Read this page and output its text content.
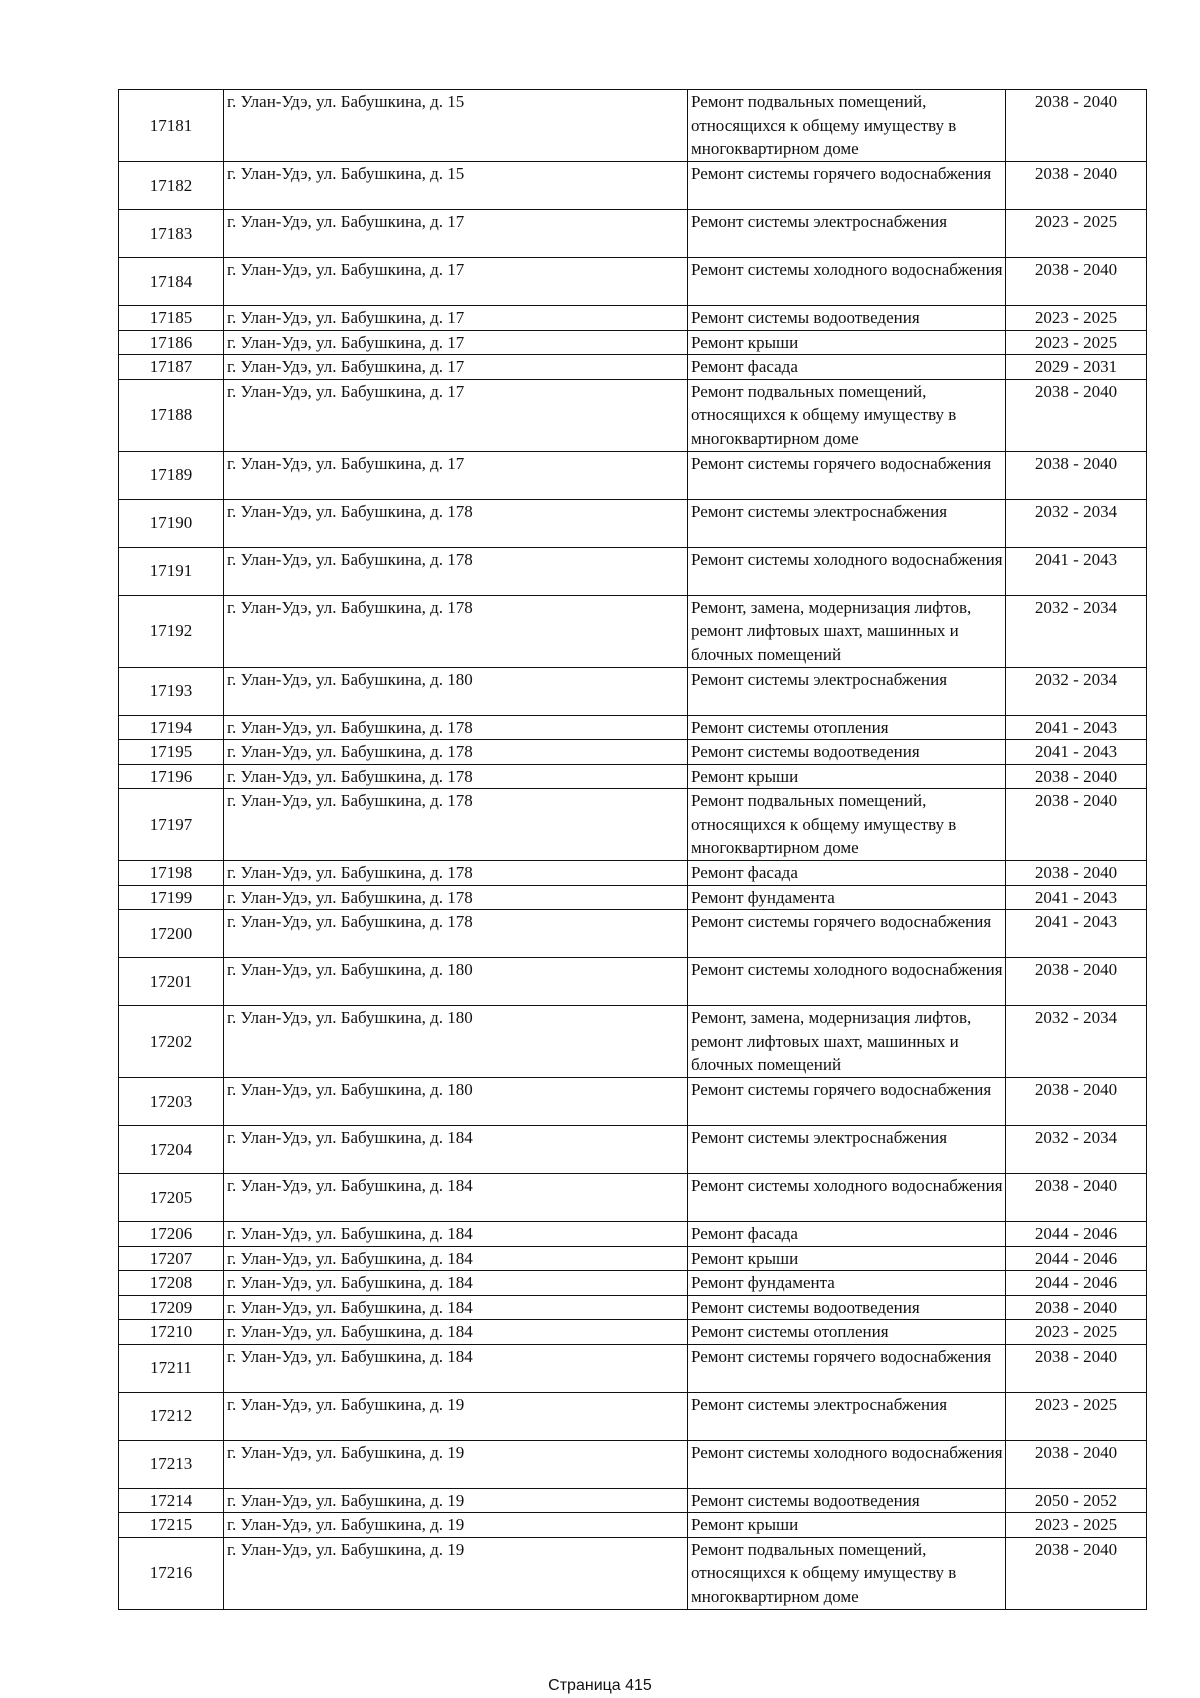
17181	г. Улан-Удэ, ул. Бабушкина, д. 15	Ремонт подвальных помещений, относящихся к общему имуществу в многоквартирном доме	2038 - 2040
17182	г. Улан-Удэ, ул. Бабушкина, д. 15	Ремонт системы горячего водоснабжения	2038 - 2040
17183	г. Улан-Удэ, ул. Бабушкина, д. 17	Ремонт системы электроснабжения	2023 - 2025
17184	г. Улан-Удэ, ул. Бабушкина, д. 17	Ремонт системы холодного водоснабжения	2038 - 2040
17185	г. Улан-Удэ, ул. Бабушкина, д. 17	Ремонт системы водоотведения	2023 - 2025
17186	г. Улан-Удэ, ул. Бабушкина, д. 17	Ремонт крыши	2023 - 2025
17187	г. Улан-Удэ, ул. Бабушкина, д. 17	Ремонт фасада	2029 - 2031
17188	г. Улан-Удэ, ул. Бабушкина, д. 17	Ремонт подвальных помещений, относящихся к общему имуществу в многоквартирном доме	2038 - 2040
17189	г. Улан-Удэ, ул. Бабушкина, д. 17	Ремонт системы горячего водоснабжения	2038 - 2040
17190	г. Улан-Удэ, ул. Бабушкина, д. 178	Ремонт системы электроснабжения	2032 - 2034
17191	г. Улан-Удэ, ул. Бабушкина, д. 178	Ремонт системы холодного водоснабжения	2041 - 2043
17192	г. Улан-Удэ, ул. Бабушкина, д. 178	Ремонт, замена, модернизация лифтов, ремонт лифтовых шахт, машинных и блочных помещений	2032 - 2034
17193	г. Улан-Удэ, ул. Бабушкина, д. 180	Ремонт системы электроснабжения	2032 - 2034
17194	г. Улан-Удэ, ул. Бабушкина, д. 178	Ремонт системы отопления	2041 - 2043
17195	г. Улан-Удэ, ул. Бабушкина, д. 178	Ремонт системы водоотведения	2041 - 2043
17196	г. Улан-Удэ, ул. Бабушкина, д. 178	Ремонт крыши	2038 - 2040
17197	г. Улан-Удэ, ул. Бабушкина, д. 178	Ремонт подвальных помещений, относящихся к общему имуществу в многоквартирном доме	2038 - 2040
17198	г. Улан-Удэ, ул. Бабушкина, д. 178	Ремонт фасада	2038 - 2040
17199	г. Улан-Удэ, ул. Бабушкина, д. 178	Ремонт фундамента	2041 - 2043
17200	г. Улан-Удэ, ул. Бабушкина, д. 178	Ремонт системы горячего водоснабжения	2041 - 2043
17201	г. Улан-Удэ, ул. Бабушкина, д. 180	Ремонт системы холодного водоснабжения	2038 - 2040
17202	г. Улан-Удэ, ул. Бабушкина, д. 180	Ремонт, замена, модернизация лифтов, ремонт лифтовых шахт, машинных и блочных помещений	2032 - 2034
17203	г. Улан-Удэ, ул. Бабушкина, д. 180	Ремонт системы горячего водоснабжения	2038 - 2040
17204	г. Улан-Удэ, ул. Бабушкина, д. 184	Ремонт системы электроснабжения	2032 - 2034
17205	г. Улан-Удэ, ул. Бабушкина, д. 184	Ремонт системы холодного водоснабжения	2038 - 2040
17206	г. Улан-Удэ, ул. Бабушкина, д. 184	Ремонт фасада	2044 - 2046
17207	г. Улан-Удэ, ул. Бабушкина, д. 184	Ремонт крыши	2044 - 2046
17208	г. Улан-Удэ, ул. Бабушкина, д. 184	Ремонт фундамента	2044 - 2046
17209	г. Улан-Удэ, ул. Бабушкина, д. 184	Ремонт системы водоотведения	2038 - 2040
17210	г. Улан-Удэ, ул. Бабушкина, д. 184	Ремонт системы отопления	2023 - 2025
17211	г. Улан-Удэ, ул. Бабушкина, д. 184	Ремонт системы горячего водоснабжения	2038 - 2040
17212	г. Улан-Удэ, ул. Бабушкина, д. 19	Ремонт системы электроснабжения	2023 - 2025
17213	г. Улан-Удэ, ул. Бабушкина, д. 19	Ремонт системы холодного водоснабжения	2038 - 2040
17214	г. Улан-Удэ, ул. Бабушкина, д. 19	Ремонт системы водоотведения	2050 - 2052
17215	г. Улан-Удэ, ул. Бабушкина, д. 19	Ремонт крыши	2023 - 2025
17216	г. Улан-Удэ, ул. Бабушкина, д. 19	Ремонт подвальных помещений, относящихся к общему имуществу в многоквартирном доме	2038 - 2040
Страница 415
